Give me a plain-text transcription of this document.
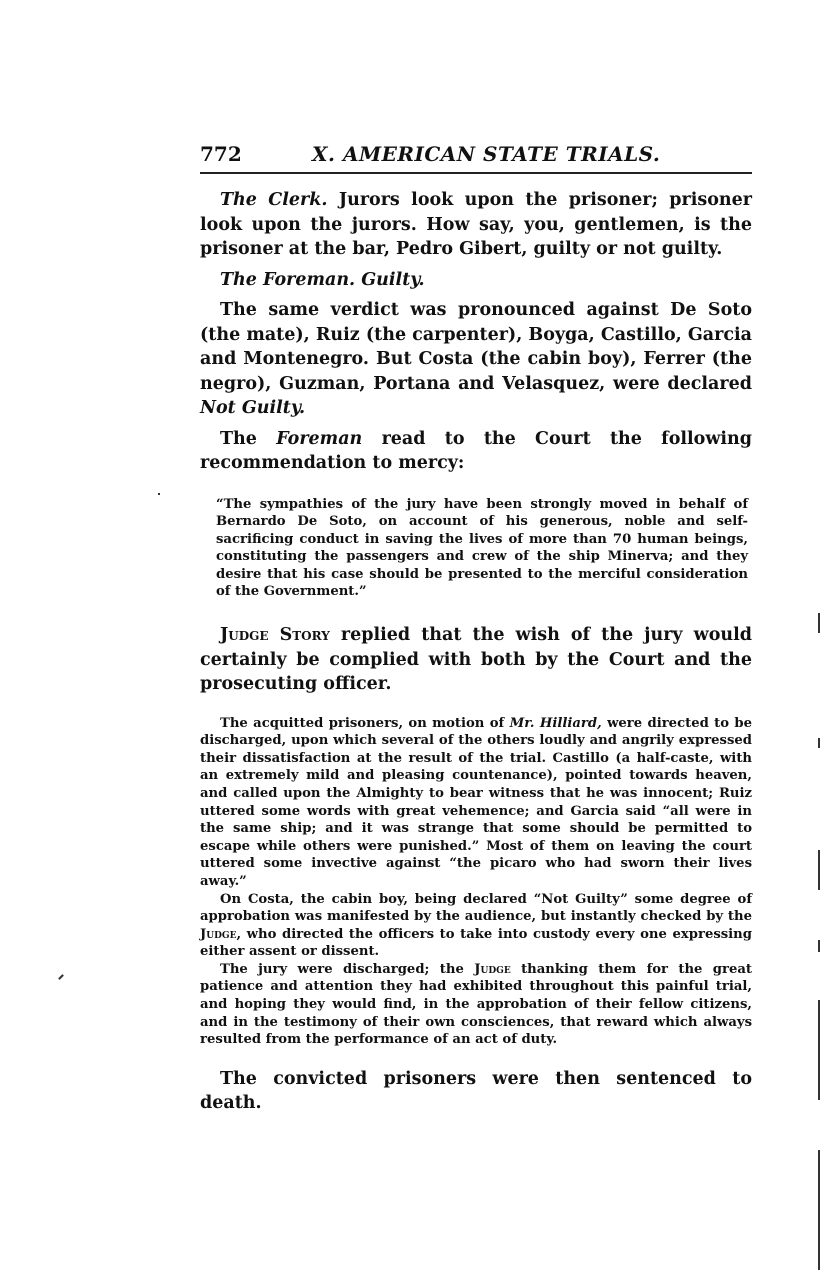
772	X. AMERICAN STATE TRIALS.

The Clerk. Jurors look upon the prisoner; prisoner look upon the jurors. How say, you, gentlemen, is the prisoner at the bar, Pedro Gibert, guilty or not guilty.

The Foreman. Guilty.

The same verdict was pronounced against De Soto (the mate), Ruiz (the carpenter), Boyga, Castillo, Garcia and Montenegro. But Costa (the cabin boy), Ferrer (the negro), Guzman, Portana and Velasquez, were declared Not Guilty.

The Foreman read to the Court the following recommendation to mercy:

“The sympathies of the jury have been strongly moved in behalf of Bernardo De Soto, on account of his generous, noble and self-sacrificing conduct in saving the lives of more than 70 human beings, constituting the passengers and crew of the ship Minerva; and they desire that his case should be presented to the merciful consideration of the Government.”

Judge Story replied that the wish of the jury would certainly be complied with both by the Court and the prosecuting officer.

The acquitted prisoners, on motion of Mr. Hilliard, were directed to be discharged, upon which several of the others loudly and angrily expressed their dissatisfaction at the result of the trial. Castillo (a half-caste, with an extremely mild and pleasing countenance), pointed towards heaven, and called upon the Almighty to bear witness that he was innocent; Ruiz uttered some words with great vehemence; and Garcia said “all were in the same ship; and it was strange that some should be permitted to escape while others were punished.” Most of them on leaving the court uttered some invective against “the picaro who had sworn their lives away.”

On Costa, the cabin boy, being declared “Not Guilty” some degree of approbation was manifested by the audience, but instantly checked by the Judge, who directed the officers to take into custody every one expressing either assent or dissent.

The jury were discharged; the Judge thanking them for the great patience and attention they had exhibited throughout this painful trial, and hoping they would find, in the approbation of their fellow citizens, and in the testimony of their own consciences, that reward which always resulted from the performance of an act of duty.

The convicted prisoners were then sentenced to death.
